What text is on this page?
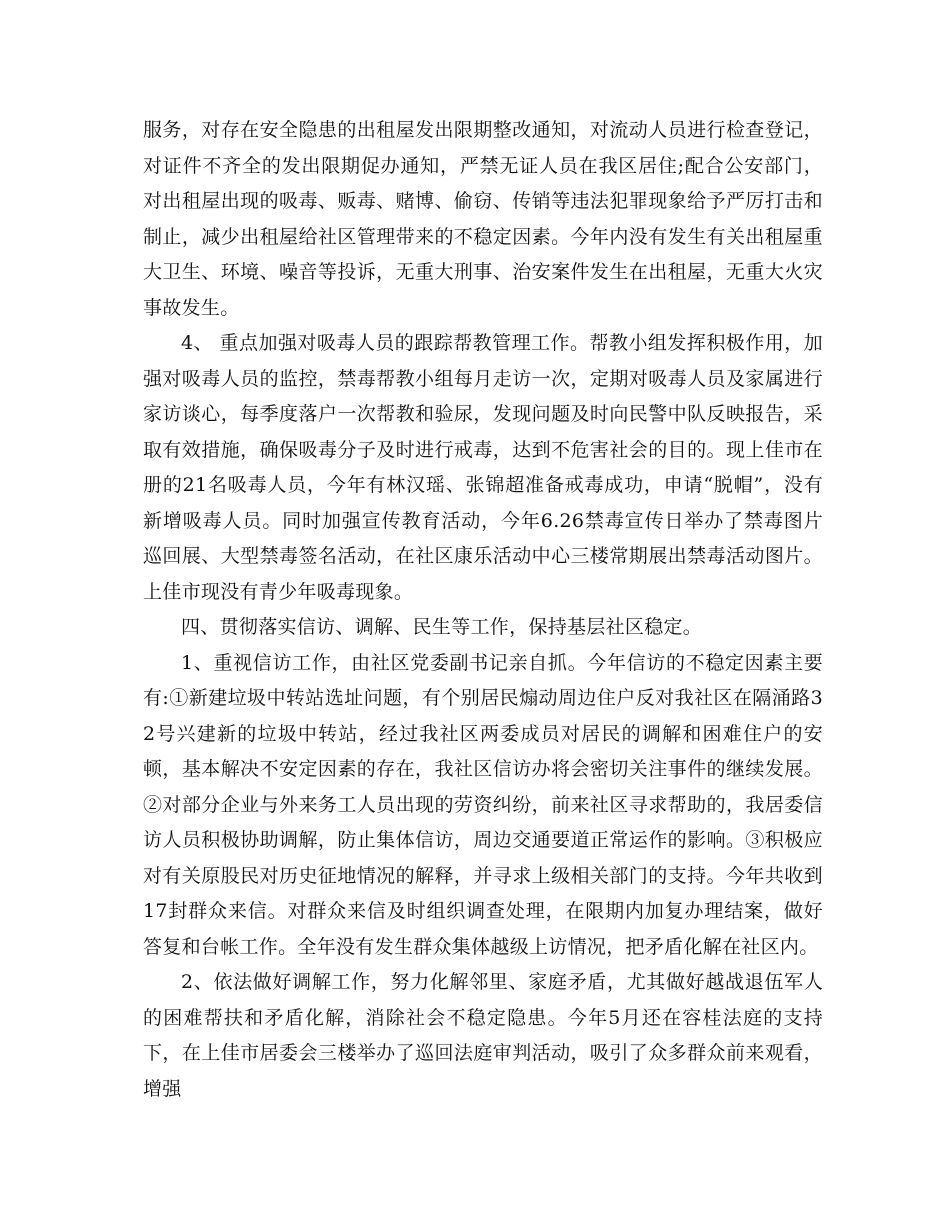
服务，对存在安全隐患的出租屋发出限期整改通知，对流动人员进行检查登记，对证件不齐全的发出限期促办通知，严禁无证人员在我区居住;配合公安部门，对出租屋出现的吸毒、贩毒、赌博、偷窃、传销等违法犯罪现象给予严厉打击和制止，减少出租屋给社区管理带来的不稳定因素。今年内没有发生有关出租屋重大卫生、环境、噪音等投诉，无重大刑事、治安案件发生在出租屋，无重大火灾事故发生。

4、 重点加强对吸毒人员的跟踪帮教管理工作。帮教小组发挥积极作用，加强对吸毒人员的监控，禁毒帮教小组每月走访一次，定期对吸毒人员及家属进行家访谈心，每季度落户一次帮教和验尿，发现问题及时向民警中队反映报告，采取有效措施，确保吸毒分子及时进行戒毒，达到不危害社会的目的。现上佳市在册的21名吸毒人员，今年有林汉瑶、张锦超准备戒毒成功，申请“脱帽”，没有新增吸毒人员。同时加强宣传教育活动，今年6.26禁毒宣传日举办了禁毒图片巡回展、大型禁毒签名活动，在社区康乐活动中心三楼常期展出禁毒活动图片。上佳市现没有青少年吸毒现象。

四、贯彻落实信访、调解、民生等工作，保持基层社区稳定。

1、重视信访工作，由社区党委副书记亲自抓。今年信访的不稳定因素主要有:①新建垃圾中转站选址问题，有个别居民煽动周边住户反对我社区在隔涌路32号兴建新的垃圾中转站，经过我社区两委成员对居民的调解和困难住户的安顿，基本解决不安定因素的存在，我社区信访办将会密切关注事件的继续发展。②对部分企业与外来务工人员出现的劳资纠纷，前来社区寻求帮助的，我居委信访人员积极协助调解，防止集体信访，周边交通要道正常运作的影响。③积极应对有关原股民对历史征地情况的解释，并寻求上级相关部门的支持。今年共收到17封群众来信。对群众来信及时组织调查处理，在限期内加复办理结案，做好答复和台帐工作。全年没有发生群众集体越级上访情况，把矛盾化解在社区内。

2、依法做好调解工作，努力化解邻里、家庭矛盾，尤其做好越战退伍军人的困难帮扶和矛盾化解，消除社会不稳定隐患。今年5月还在容桂法庭的支持下，在上佳市居委会三楼举办了巡回法庭审判活动，吸引了众多群众前来观看，增强
